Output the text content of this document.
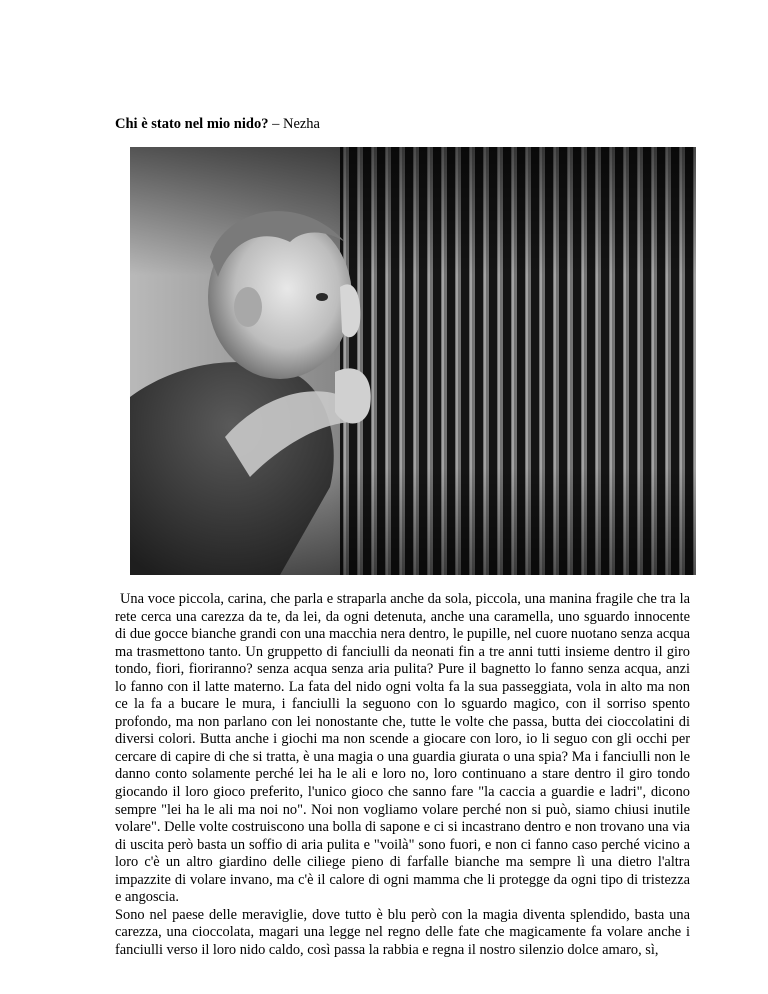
Chi è stato nel mio nido? – Nezha

Una voce piccola, carina, che parla e straparla anche da sola, piccola, una manina fragile che tra la rete cerca una carezza da te, da lei, da ogni detenuta, anche una caramella, uno sguardo innocente di due gocce bianche grandi con una macchia nera dentro, le pupille, nel cuore nuotano senza acqua ma trasmettono tanto. Un gruppetto di fanciulli da neonati fin a tre anni tutti insieme dentro il giro tondo, fiori, fioriranno? senza acqua senza aria pulita? Pure il bagnetto lo fanno senza acqua, anzi lo fanno con il latte materno. La fata del nido ogni volta fa la sua passeggiata, vola in alto ma non ce la fa a bucare le mura, i fanciulli la seguono con lo sguardo magico, con il sorriso spento profondo, ma non parlano con lei nonostante che, tutte le volte che passa, butta dei cioccolatini di diversi colori. Butta anche i giochi ma non scende a giocare con loro, io li seguo con gli occhi per cercare di capire di che si tratta, è una magia o una guardia giurata o una spia? Ma i fanciulli non le danno conto solamente perché lei ha le ali e loro no, loro continuano a stare dentro il giro tondo giocando il loro gioco preferito, l'unico gioco che sanno fare "la caccia a guardie e ladri", dicono sempre "lei ha le ali ma noi no". Noi non vogliamo volare perché non si può, siamo chiusi inutile volare". Delle volte costruiscono una bolla di sapone e ci si incastrano dentro e non trovano una via di uscita però basta un soffio di aria pulita e "voilà" sono fuori, e non ci fanno caso perché vicino a loro c'è un altro giardino delle ciliege pieno di farfalle bianche ma sempre lì una dietro l'altra impazzite di volare invano, ma c'è il calore di ogni mamma che li protegge da ogni tipo di tristezza e angoscia.

Sono nel paese delle meraviglie, dove tutto è blu però con la magia diventa splendido, basta una carezza, una cioccolata, magari una legge nel regno delle fate che magicamente fa volare anche i fanciulli verso il loro nido caldo, così passa la rabbia e regna il nostro silenzio dolce amaro, sì,
